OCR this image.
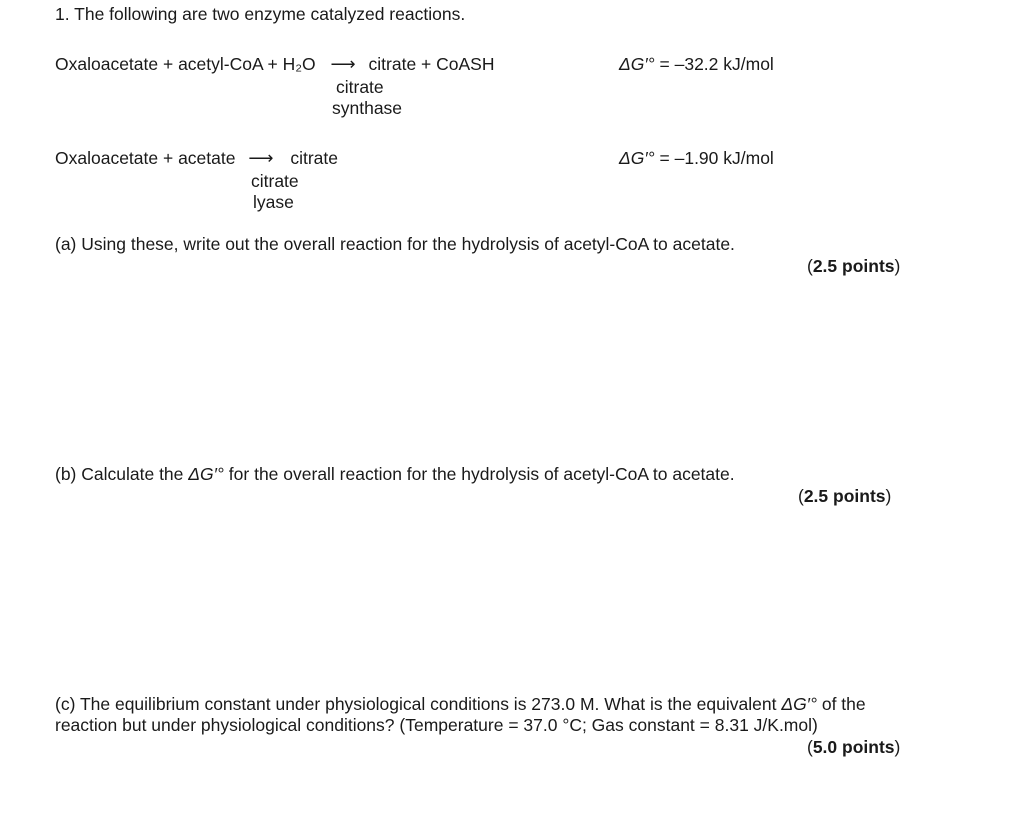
1. The following are two enzyme catalyzed reactions.
Oxaloacetate + acetyl-CoA + H₂O ⟶ citrate + CoASH
citrate
synthase
ΔG′° = –32.2 kJ/mol
Oxaloacetate + acetate ⟶ citrate
citrate
lyase
ΔG′° = –1.90 kJ/mol
(a) Using these, write out the overall reaction for the hydrolysis of acetyl-CoA to acetate.
(2.5 points)
(b) Calculate the ΔG′° for the overall reaction for the hydrolysis of acetyl-CoA to acetate.
(2.5 points)
(c) The equilibrium constant under physiological conditions is 273.0 M. What is the equivalent ΔG′° of the
reaction but under physiological conditions? (Temperature = 37.0 °C; Gas constant = 8.31 J/K.mol)
(5.0 points)
